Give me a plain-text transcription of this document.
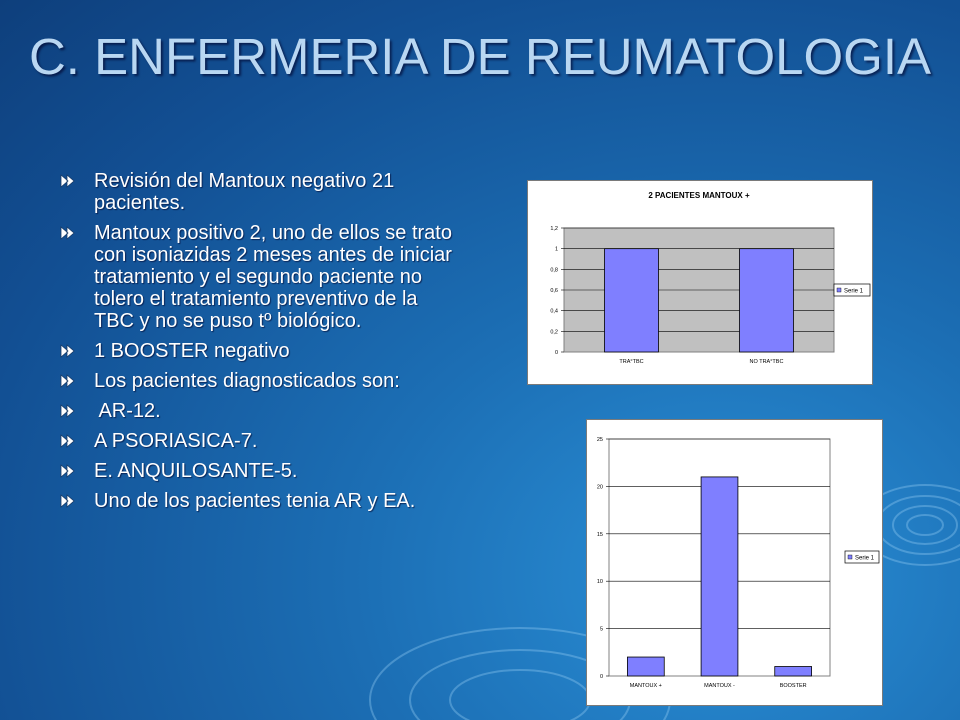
C. ENFERMERIA DE REUMATOLOGIA
Revisión del Mantoux negativo 21 pacientes.
Mantoux positivo 2, uno de ellos se trato con isoniazidas 2 meses antes de iniciar tratamiento y el segundo paciente no tolero el tratamiento preventivo de la TBC y no se puso tº biológico.
1 BOOSTER negativo
Los pacientes diagnosticados son:
AR-12.
A PSORIASICA-7.
E. ANQUILOSANTE-5.
Uno de los pacientes tenia AR y EA.
2 PACIENTES MANTOUX +
0
0,2
0,4
0,6
0,8
1
1,2
TRA°TBC	NO TRA°TBC
Serie 1
0
5
10
15
20
25
MANTOUX +	MANTOUX -	BOOSTER
Serie 1
